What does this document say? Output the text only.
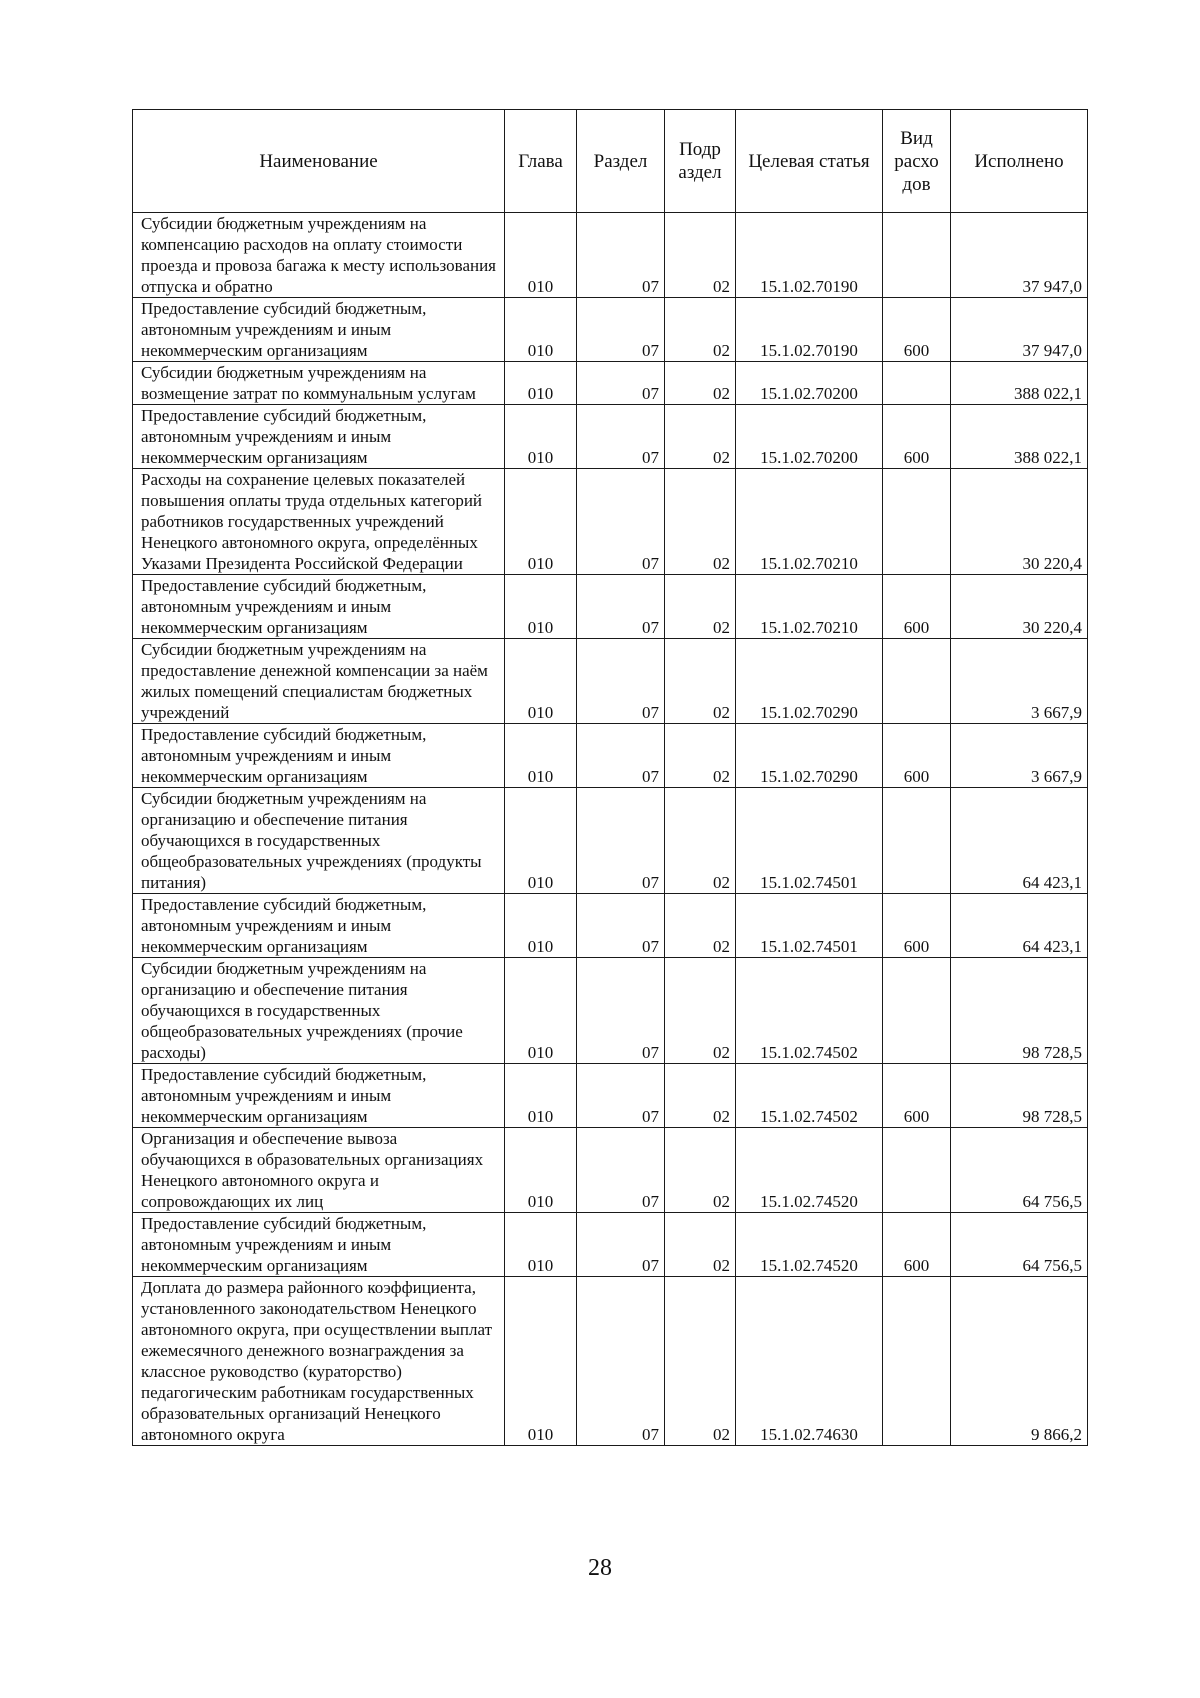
Наименование	Глава	Раздел	Подр аздел	Целевая статья	Вид расхо дов	Исполнено
Субсидии бюджетным учреждениям на компенсацию расходов на оплату стоимости проезда и провоза багажа к месту использования отпуска и обратно	010	07	02	15.1.02.70190		37 947,0
Предоставление субсидий бюджетным, автономным учреждениям и иным некоммерческим организациям	010	07	02	15.1.02.70190	600	37 947,0
Субсидии бюджетным учреждениям на возмещение затрат по коммунальным услугам	010	07	02	15.1.02.70200		388 022,1
Предоставление субсидий бюджетным, автономным учреждениям и иным некоммерческим организациям	010	07	02	15.1.02.70200	600	388 022,1
Расходы на сохранение целевых показателей повышения оплаты труда отдельных категорий работников государственных учреждений Ненецкого автономного округа, определённых Указами Президента Российской Федерации	010	07	02	15.1.02.70210		30 220,4
Предоставление субсидий бюджетным, автономным учреждениям и иным некоммерческим организациям	010	07	02	15.1.02.70210	600	30 220,4
Субсидии бюджетным учреждениям на предоставление денежной компенсации за наём жилых помещений специалистам бюджетных учреждений	010	07	02	15.1.02.70290		3 667,9
Предоставление субсидий бюджетным, автономным учреждениям и иным некоммерческим организациям	010	07	02	15.1.02.70290	600	3 667,9
Субсидии бюджетным учреждениям на организацию и обеспечение питания обучающихся в государственных общеобразовательных учреждениях (продукты питания)	010	07	02	15.1.02.74501		64 423,1
Предоставление субсидий бюджетным, автономным учреждениям и иным некоммерческим организациям	010	07	02	15.1.02.74501	600	64 423,1
Субсидии бюджетным учреждениям на организацию и обеспечение питания обучающихся в государственных общеобразовательных учреждениях (прочие расходы)	010	07	02	15.1.02.74502		98 728,5
Предоставление субсидий бюджетным, автономным учреждениям и иным некоммерческим организациям	010	07	02	15.1.02.74502	600	98 728,5
Организация и обеспечение вывоза обучающихся в образовательных организациях Ненецкого автономного округа и сопровождающих их лиц	010	07	02	15.1.02.74520		64 756,5
Предоставление субсидий бюджетным, автономным учреждениям и иным некоммерческим организациям	010	07	02	15.1.02.74520	600	64 756,5
Доплата до размера районного коэффициента, установленного законодательством Ненецкого автономного округа, при осуществлении выплат ежемесячного денежного вознаграждения за классное руководство (кураторство) педагогическим работникам государственных образовательных организаций Ненецкого автономного округа	010	07	02	15.1.02.74630		9 866,2
28
